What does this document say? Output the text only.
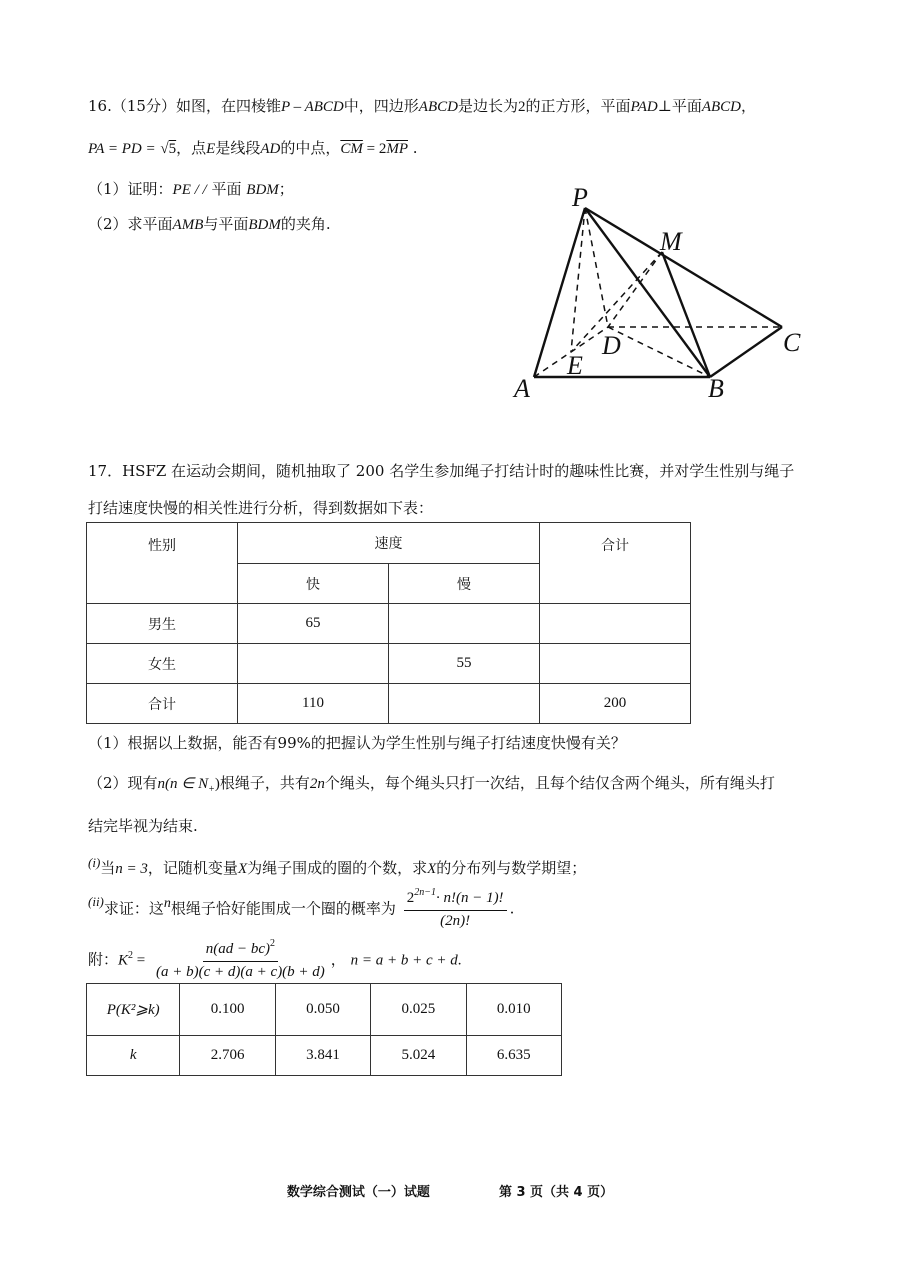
16.（15分）如图，在四棱锥P – ABCD中，四边形ABCD是边长为2的正方形，平面PAD⊥平面ABCD，
PA = PD = √5，点E是线段AD的中点，$\overline{CM} = 2\overline{MP}$ .
（1）证明：PE / / 平面 BDM；
（2）求平面AMB与平面BDM的夹角.
P
M
C
D
E
A	B
17．HSFZ 在运动会期间，随机抽取了 200 名学生参加绳子打结计时的趣味性比赛，并对学生性别与绳子
打结速度快慢的相关性进行分析，得到数据如下表：
性别	速度		合计
	快	慢	
男生	65		
女生		55	
合计	110		200
（1）根据以上数据，能否有99%的把握认为学生性别与绳子打结速度快慢有关？
（2）现有n(n ∈ $N_+$)根绳子，共有2n个绳头，每个绳头只打一次结，且每个结仅含两个绳头，所有绳头打
结完毕视为结束.
(i)当n = 3，记随机变量X为绳子围成的圈的个数，求X的分布列与数学期望；
(ii)求证：这n根绳子恰好能围成一个圈的概率为 $\frac{2^{2n-1}\cdot n!(n - 1)!}{(2n)!}$ .
附：$K^2 = \frac{n(ad - bc)^2}{(a + b)(c + d)(a + c)(b + d)}$ ， n = a + b + c + d.
P(K²⩾k)	0.100	0.050	0.025	0.010
k	2.706	3.841	5.024	6.635
数学综合测试（一）试题	第 3 页（共 4 页）
